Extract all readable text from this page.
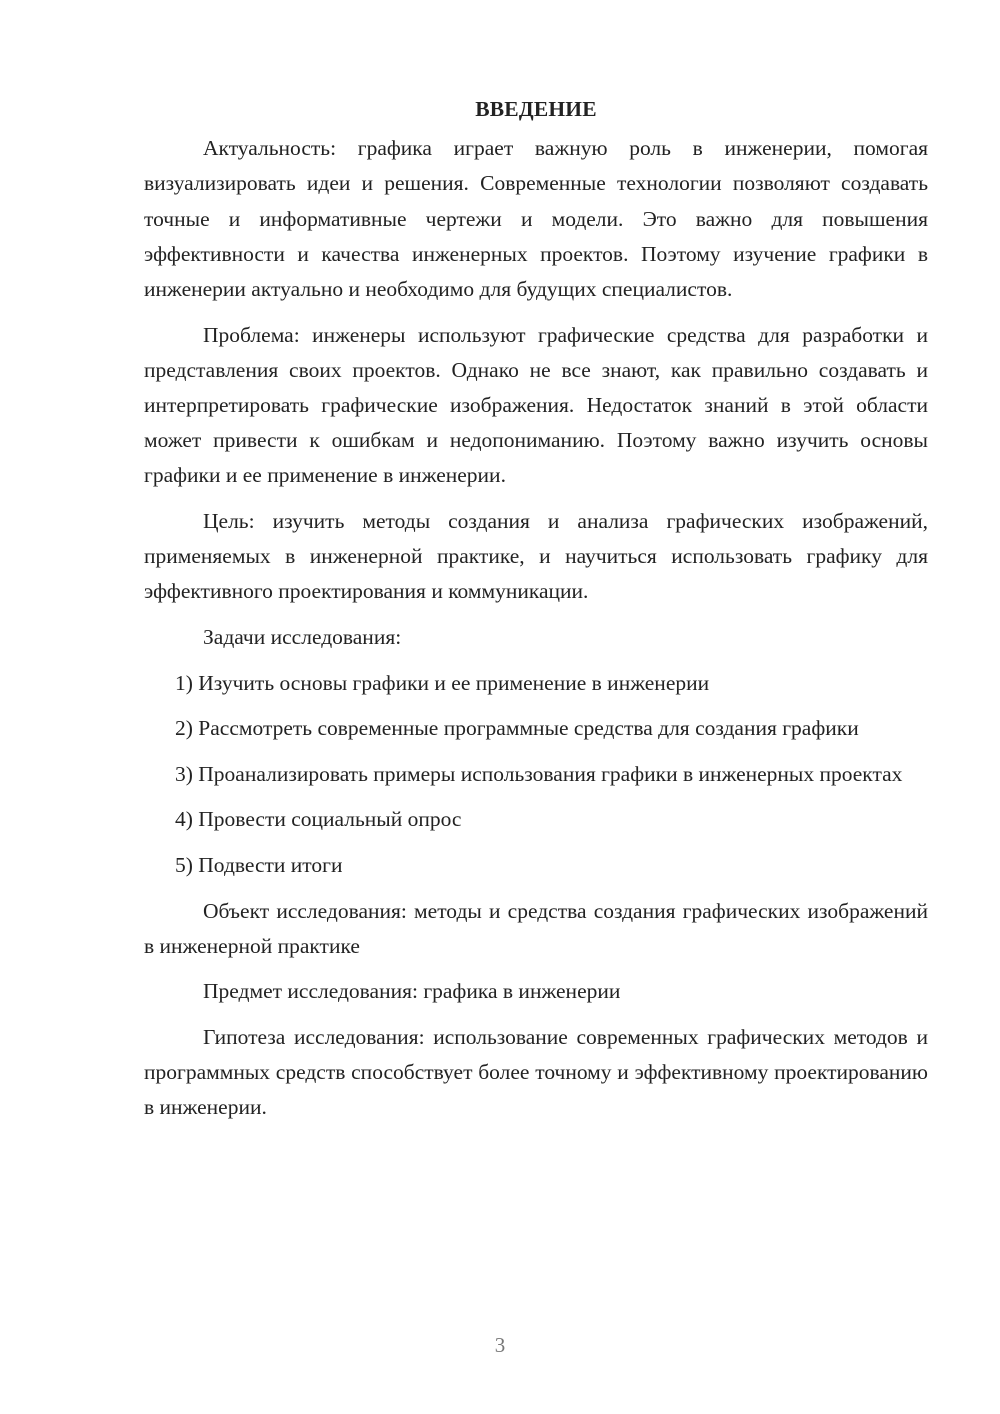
ВВЕДЕНИЕ

Актуальность: графика играет важную роль в инженерии, помогая визуализировать идеи и решения. Современные технологии позволяют создавать точные и информативные чертежи и модели. Это важно для повышения эффективности и качества инженерных проектов. Поэтому изучение графики в инженерии актуально и необходимо для будущих специалистов.

Проблема: инженеры используют графические средства для разработки и представления своих проектов. Однако не все знают, как правильно создавать и интерпретировать графические изображения. Недостаток знаний в этой области может привести к ошибкам и недопониманию. Поэтому важно изучить основы графики и ее применение в инженерии.

Цель: изучить методы создания и анализа графических изображений, применяемых в инженерной практике, и научиться использовать графику для эффективного проектирования и коммуникации.

Задачи исследования:

1) Изучить основы графики и ее применение в инженерии

2) Рассмотреть современные программные средства для создания графики

3) Проанализировать примеры использования графики в инженерных проектах

4) Провести социальный опрос

5) Подвести итоги

Объект исследования: методы и средства создания графических изображений в инженерной практике

Предмет исследования: графика в инженерии

Гипотеза исследования: использование современных графических методов и программных средств способствует более точному и эффективному проектированию в инженерии.

3
